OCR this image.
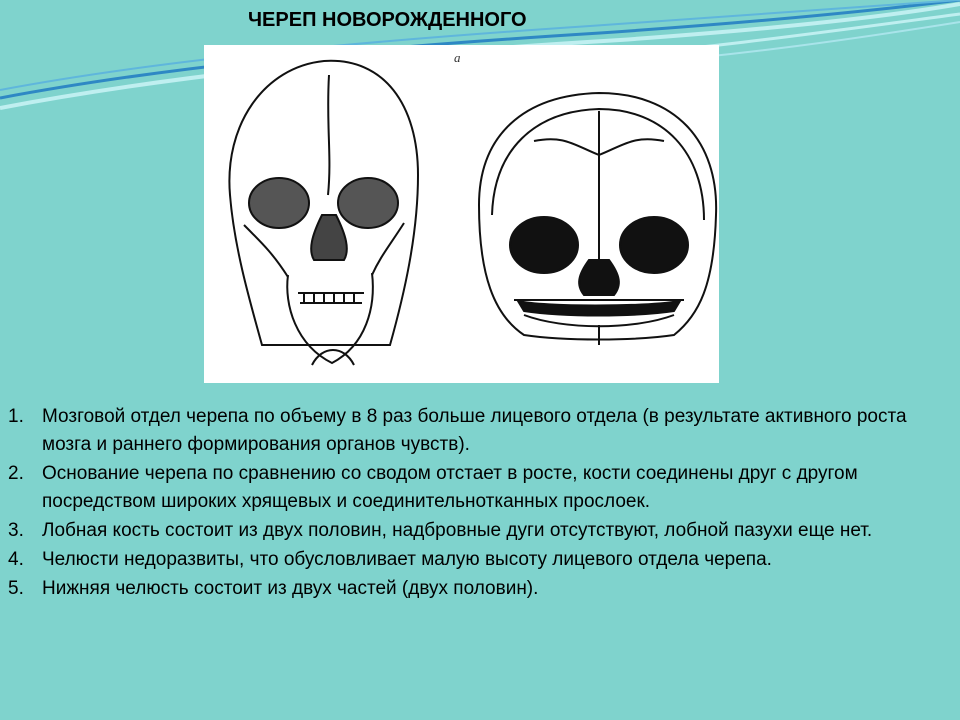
ЧЕРЕП НОВОРОЖДЕННОГО
а
1. Мозговой отдел черепа по объему в 8 раз больше лицевого отдела (в результате активного роста мозга и раннего формирования органов чувств).
2. Основание черепа по сравнению со сводом отстает в росте, кости соединены друг с другом посредством широких хрящевых и соединительнотканных прослоек.
3. Лобная кость состоит из двух половин, надбровные дуги отсутствуют, лобной пазухи еще нет.
4. Челюсти недоразвиты, что обусловливает малую высоту лицевого отдела черепа.
5. Нижняя челюсть состоит из двух частей (двух половин).
